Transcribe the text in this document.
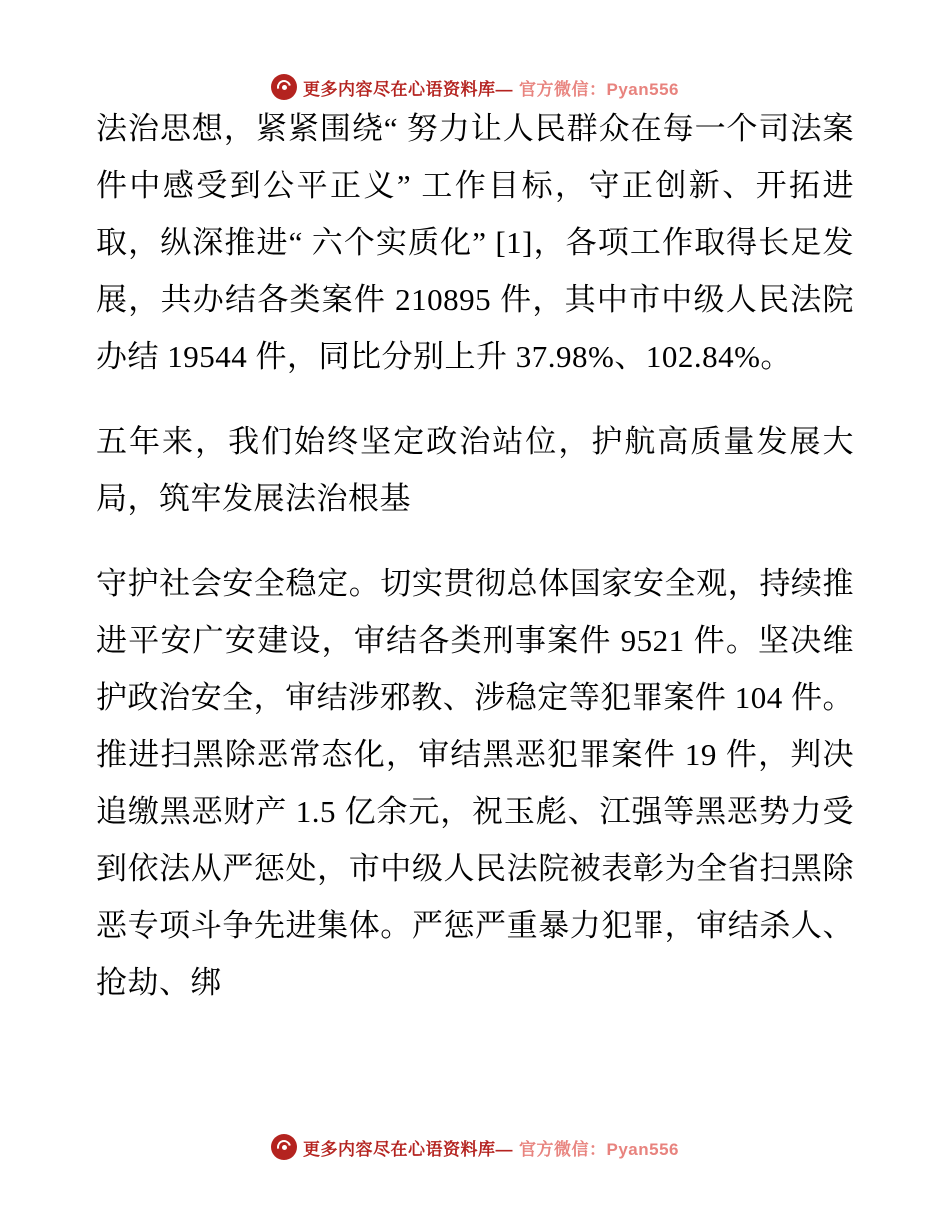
更多内容尽在心语资料库— 官方微信：Pyan556

法治思想，紧紧围绕“ 努力让人民群众在每一个司法案件中感受到公平正义” 工作目标，守正创新、开拓进取，纵深推进“ 六个实质化” [1]，各项工作取得长足发展，共办结各类案件 210895 件，其中市中级人民法院办结 19544 件，同比分别上升 37.98%、102.84%。

五年来，我们始终坚定政治站位，护航高质量发展大局，筑牢发展法治根基

守护社会安全稳定。切实贯彻总体国家安全观，持续推进平安广安建设，审结各类刑事案件 9521 件。坚决维护政治安全，审结涉邪教、涉稳定等犯罪案件 104 件。推进扫黑除恶常态化，审结黑恶犯罪案件 19 件，判决追缴黑恶财产 1.5 亿余元，祝玉彪、江强等黑恶势力受到依法从严惩处，市中级人民法院被表彰为全省扫黑除恶专项斗争先进集体。严惩严重暴力犯罪，审结杀人、抢劫、绑

更多内容尽在心语资料库— 官方微信：Pyan556
